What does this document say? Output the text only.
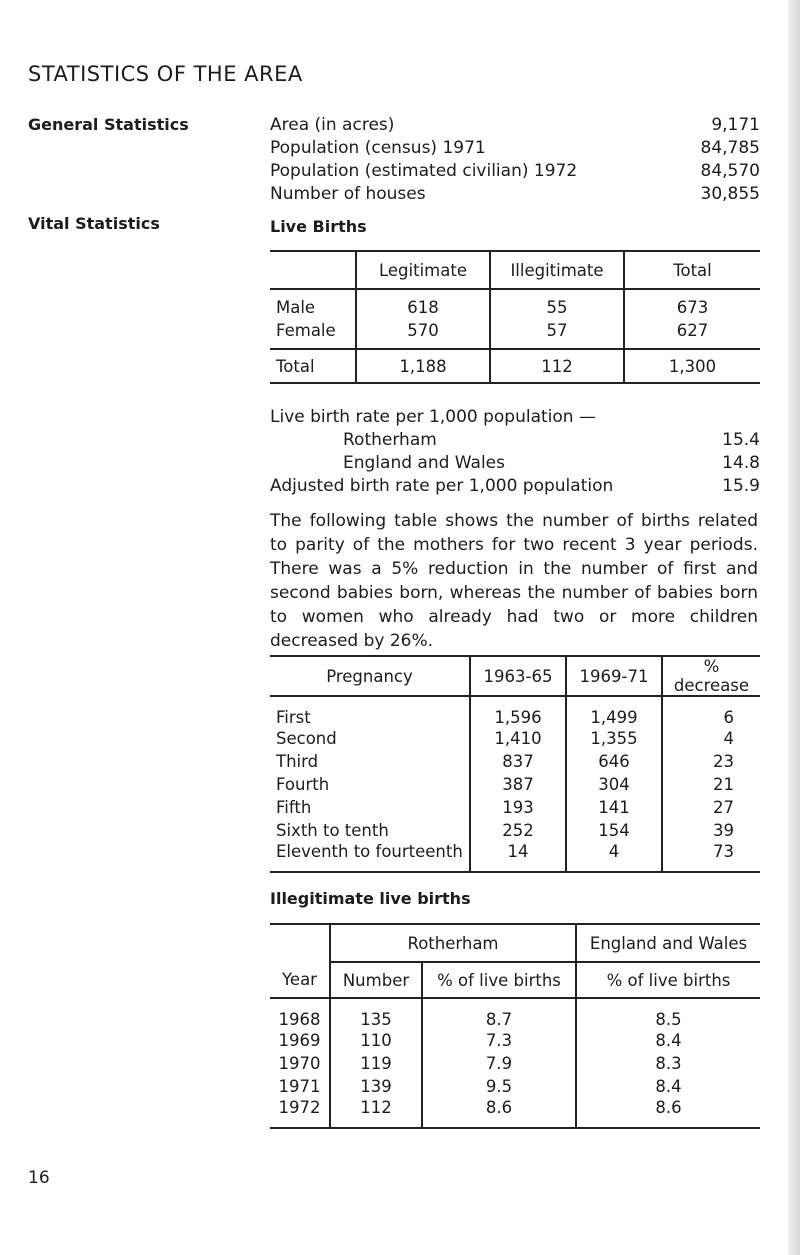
STATISTICS OF THE AREA
General Statistics
Vital Statistics
Area (in acres)	9,171
Population (census) 1971	84,785
Population (estimated civilian) 1972	84,570
Number of houses	30,855
Live Births
	Legitimate	Illegitimate	Total
Male	618	55	673
Female	570	57	627
Total	1,188	112	1,300
Live birth rate per 1,000 population —
Rotherham	15.4
England and Wales	14.8
Adjusted birth rate per 1,000 population	15.9
The following table shows the number of births related to parity of the mothers for two recent 3 year periods. There was a 5% reduction in the number of first and second babies born, whereas the number of babies born to women who already had two or more children decreased by 26%.
Pregnancy	1963-65	1969-71	% decrease
First	1,596	1,499	6
Second	1,410	1,355	4
Third	837	646	23
Fourth	387	304	21
Fifth	193	141	27
Sixth to tenth	252	154	39
Eleventh to fourteenth	14	4	73
Illegitimate live births
Year	Rotherham		England and Wales
	Number	% of live births	% of live births
1968	135	8.7	8.5
1969	110	7.3	8.4
1970	119	7.9	8.3
1971	139	9.5	8.4
1972	112	8.6	8.6
16
